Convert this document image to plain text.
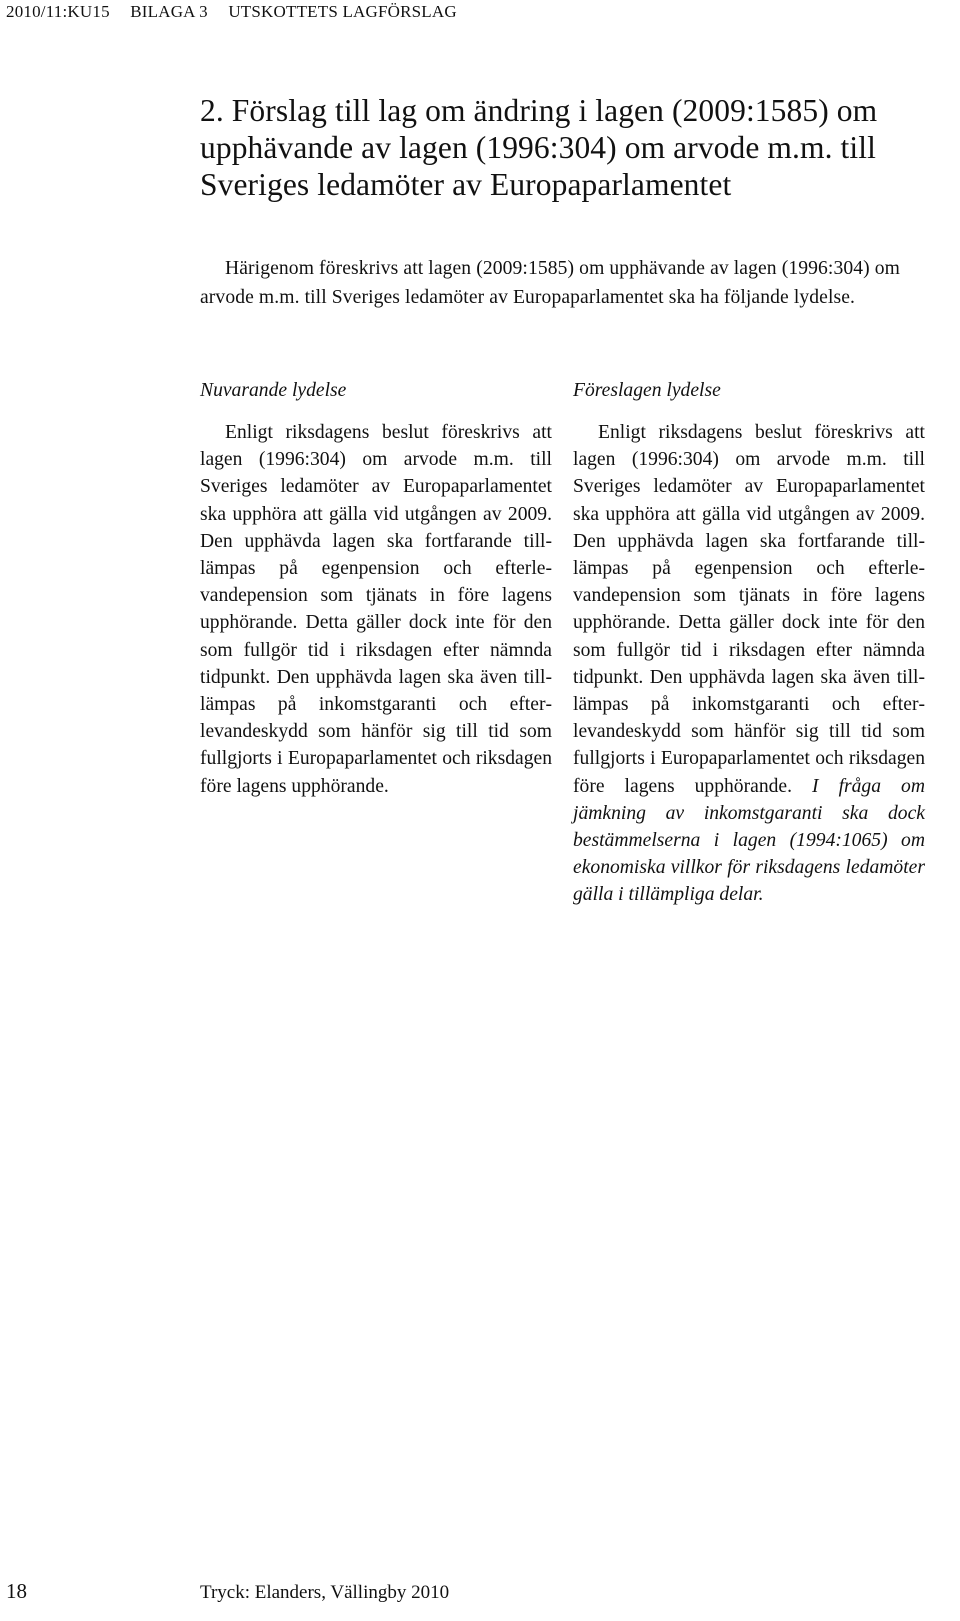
2010/11:KU15 BILAGA 3 UTSKOTTETS LAGFÖRSLAG
2. Förslag till lag om ändring i lagen (2009:1585) om upphävande av lagen (1996:304) om arvode m.m. till Sveriges ledamöter av Europaparlamentet

Härigenom föreskrivs att lagen (2009:1585) om upphävande av lagen (1996:304) om arvode m.m. till Sveriges ledamöter av Europaparlamentet ska ha följande lydelse.

Nuvarande lydelse

Enligt riksdagens beslut föreskrivs att lagen (1996:304) om arvode m.m. till Sveriges ledamöter av Europaparlamentet ska upphöra att gälla vid utgången av 2009. Den upphävda lagen ska fortfarande tilllämpas på egenpension och efterlevandepension som tjänats in före lagens upphörande. Detta gäller dock inte för den som fullgör tid i riksdagen efter nämnda tidpunkt. Den upphävda lagen ska även tilllämpas på inkomstgaranti och efterlevandeskydd som hänför sig till tid som fullgjorts i Europaparlamentet och riksdagen före lagens upphörande.

Föreslagen lydelse

Enligt riksdagens beslut föreskrivs att lagen (1996:304) om arvode m.m. till Sveriges ledamöter av Europaparlamentet ska upphöra att gälla vid utgången av 2009. Den upphävda lagen ska fortfarande tilllämpas på egenpension och efterlevandepension som tjänats in före lagens upphörande. Detta gäller dock inte för den som fullgör tid i riksdagen efter nämnda tidpunkt. Den upphävda lagen ska även tilllämpas på inkomstgaranti och efterlevandeskydd som hänför sig till tid som fullgjorts i Europaparlamentet och riksdagen före lagens upphörande. I fråga om jämkning av inkomstgaranti ska dock bestämmelserna i lagen (1994:1065) om ekonomiska villkor för riksdagens ledamöter gälla i tillämpliga delar.

18	Tryck: Elanders, Vällingby 2010
